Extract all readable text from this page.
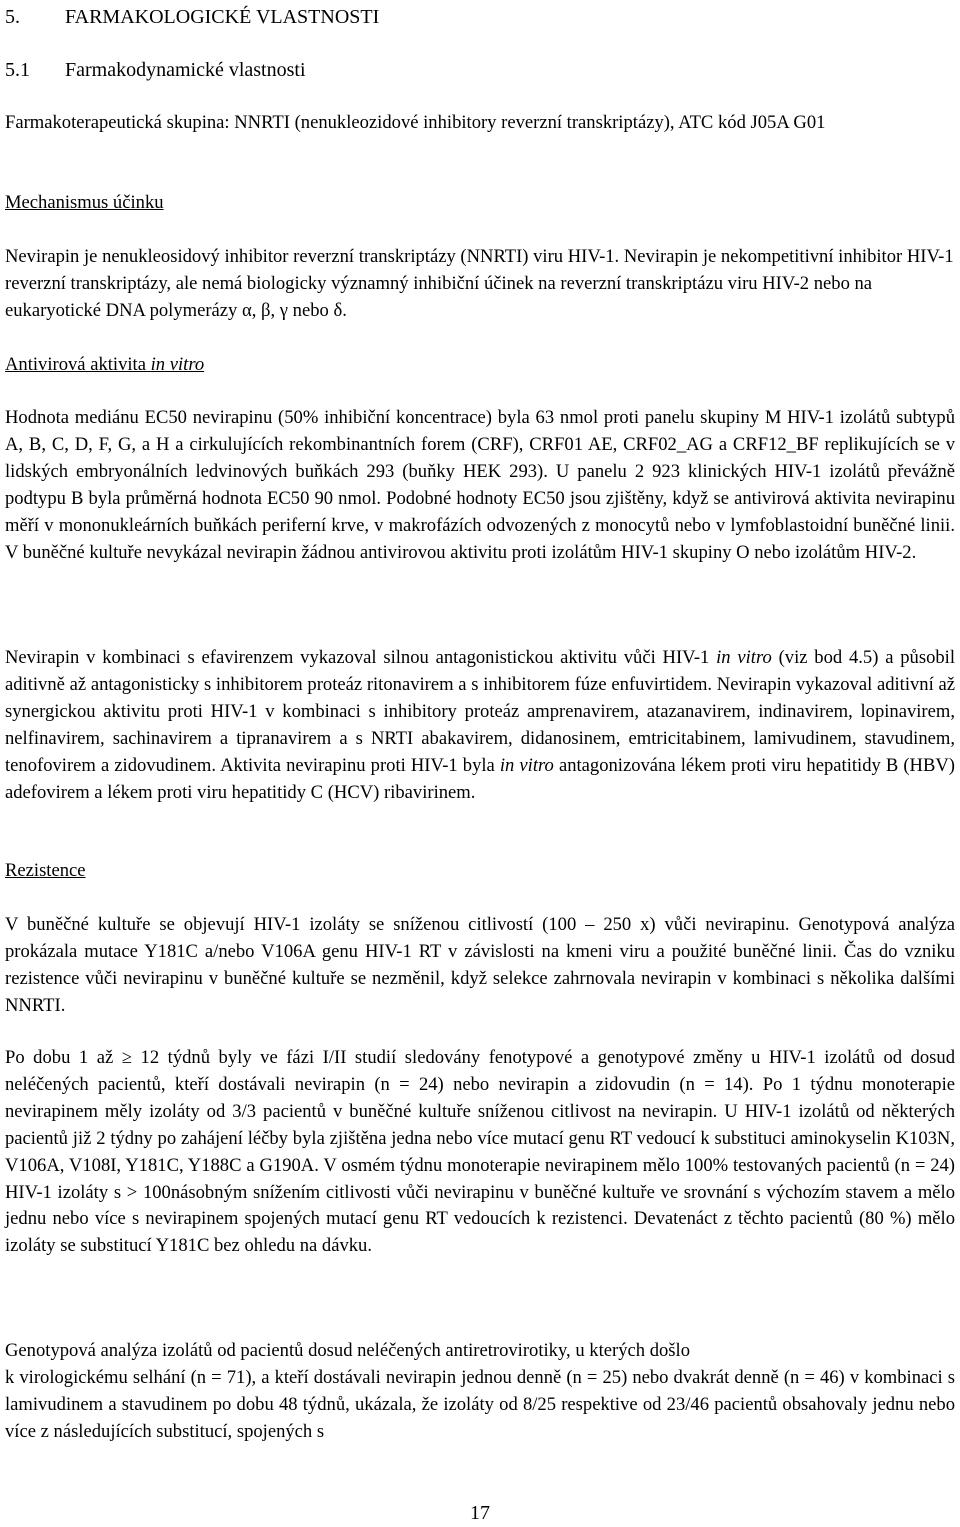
5. FARMAKOLOGICKÉ VLASTNOSTI
5.1 Farmakodynamické vlastnosti

Farmakoterapeutická skupina: NNRTI (nenukleozidové inhibitory reverzní transkriptázy), ATC kód J05A G01

Mechanismus účinku

Nevirapin je nenukleosidový inhibitor reverzní transkriptázy (NNRTI) viru HIV-1. Nevirapin je nekompetitivní inhibitor HIV-1 reverzní transkriptázy, ale nemá biologicky významný inhibiční účinek na reverzní transkriptázu viru HIV-2 nebo na eukaryotické DNA polymerázy α, β, γ nebo δ.

Antivirová aktivita in vitro

Hodnota mediánu EC50 nevirapinu (50% inhibiční koncentrace) byla 63 nmol proti panelu skupiny M HIV-1 izolátů subtypů A, B, C, D, F, G, a H a cirkulujících rekombinantních forem (CRF), CRF01 AE, CRF02_AG a CRF12_BF replikujících se v lidských embryonálních ledvinových buňkách 293 (buňky HEK 293). U panelu 2 923 klinických HIV-1 izolátů převážně podtypu B byla průměrná hodnota EC50 90 nmol. Podobné hodnoty EC50 jsou zjištěny, když se antivirová aktivita nevirapinu měří v mononukleárních buňkách periferní krve, v makrofázích odvozených z monocytů nebo v lymfoblastoidní buněčné linii. V buněčné kultuře nevykázal nevirapin žádnou antivirovou aktivitu proti izolátům HIV-1 skupiny O nebo izolátům HIV-2.

Nevirapin v kombinaci s efavirenzem vykazoval silnou antagonistickou aktivitu vůči HIV-1 in vitro (viz bod 4.5) a působil aditivně až antagonisticky s inhibitorem proteáz ritonavirem a s inhibitorem fúze enfuvirtidem. Nevirapin vykazoval aditivní až synergickou aktivitu proti HIV-1 v kombinaci s inhibitory proteáz amprenavirem, atazanavirem, indinavirem, lopinavirem, nelfinavirem, sachinavirem a tipranavirem a s NRTI abakavirem, didanosinem, emtricitabinem, lamivudinem, stavudinem, tenofovirem a zidovudinem. Aktivita nevirapinu proti HIV-1 byla in vitro antagonizována lékem proti viru hepatitidy B (HBV) adefovirem a lékem proti viru hepatitidy C (HCV) ribavirinem.

Rezistence

V buněčné kultuře se objevují HIV-1 izoláty se sníženou citlivostí (100 – 250 x) vůči nevirapinu. Genotypová analýza prokázala mutace Y181C a/nebo V106A genu HIV-1 RT v závislosti na kmeni viru a použité buněčné linii. Čas do vzniku rezistence vůči nevirapinu v buněčné kultuře se nezměnil, když selekce zahrnovala nevirapin v kombinaci s několika dalšími NNRTI.

Po dobu 1 až ≥ 12 týdnů byly ve fázi I/II studií sledovány fenotypové a genotypové změny u HIV-1 izolátů od dosud neléčených pacientů, kteří dostávali nevirapin (n = 24) nebo nevirapin a zidovudin (n = 14). Po 1 týdnu monoterapie nevirapinem měly izoláty od 3/3 pacientů v buněčné kultuře sníženou citlivost na nevirapin. U HIV-1 izolátů od některých pacientů již 2 týdny po zahájení léčby byla zjištěna jedna nebo více mutací genu RT vedoucí k substituci aminokyselin K103N, V106A, V108I, Y181C, Y188C a G190A. V osmém týdnu monoterapie nevirapinem mělo 100% testovaných pacientů (n = 24) HIV-1 izoláty s > 100násobným snížením citlivosti vůči nevirapinu v buněčné kultuře ve srovnání s výchozím stavem a mělo jednu nebo více s nevirapinem spojených mutací genu RT vedoucích k rezistenci. Devatenáct z těchto pacientů (80 %) mělo izoláty se substitucí Y181C bez ohledu na dávku.

Genotypová analýza izolátů od pacientů dosud neléčených antiretrovirotiky, u kterých došlo
k virologickému selhání (n = 71), a kteří dostávali nevirapin jednou denně (n = 25) nebo dvakrát denně (n = 46) v kombinaci s lamivudinem a stavudinem po dobu 48 týdnů, ukázala, že izoláty od 8/25 respektive od 23/46 pacientů obsahovaly jednu nebo více z následujících substitucí, spojených s
17
